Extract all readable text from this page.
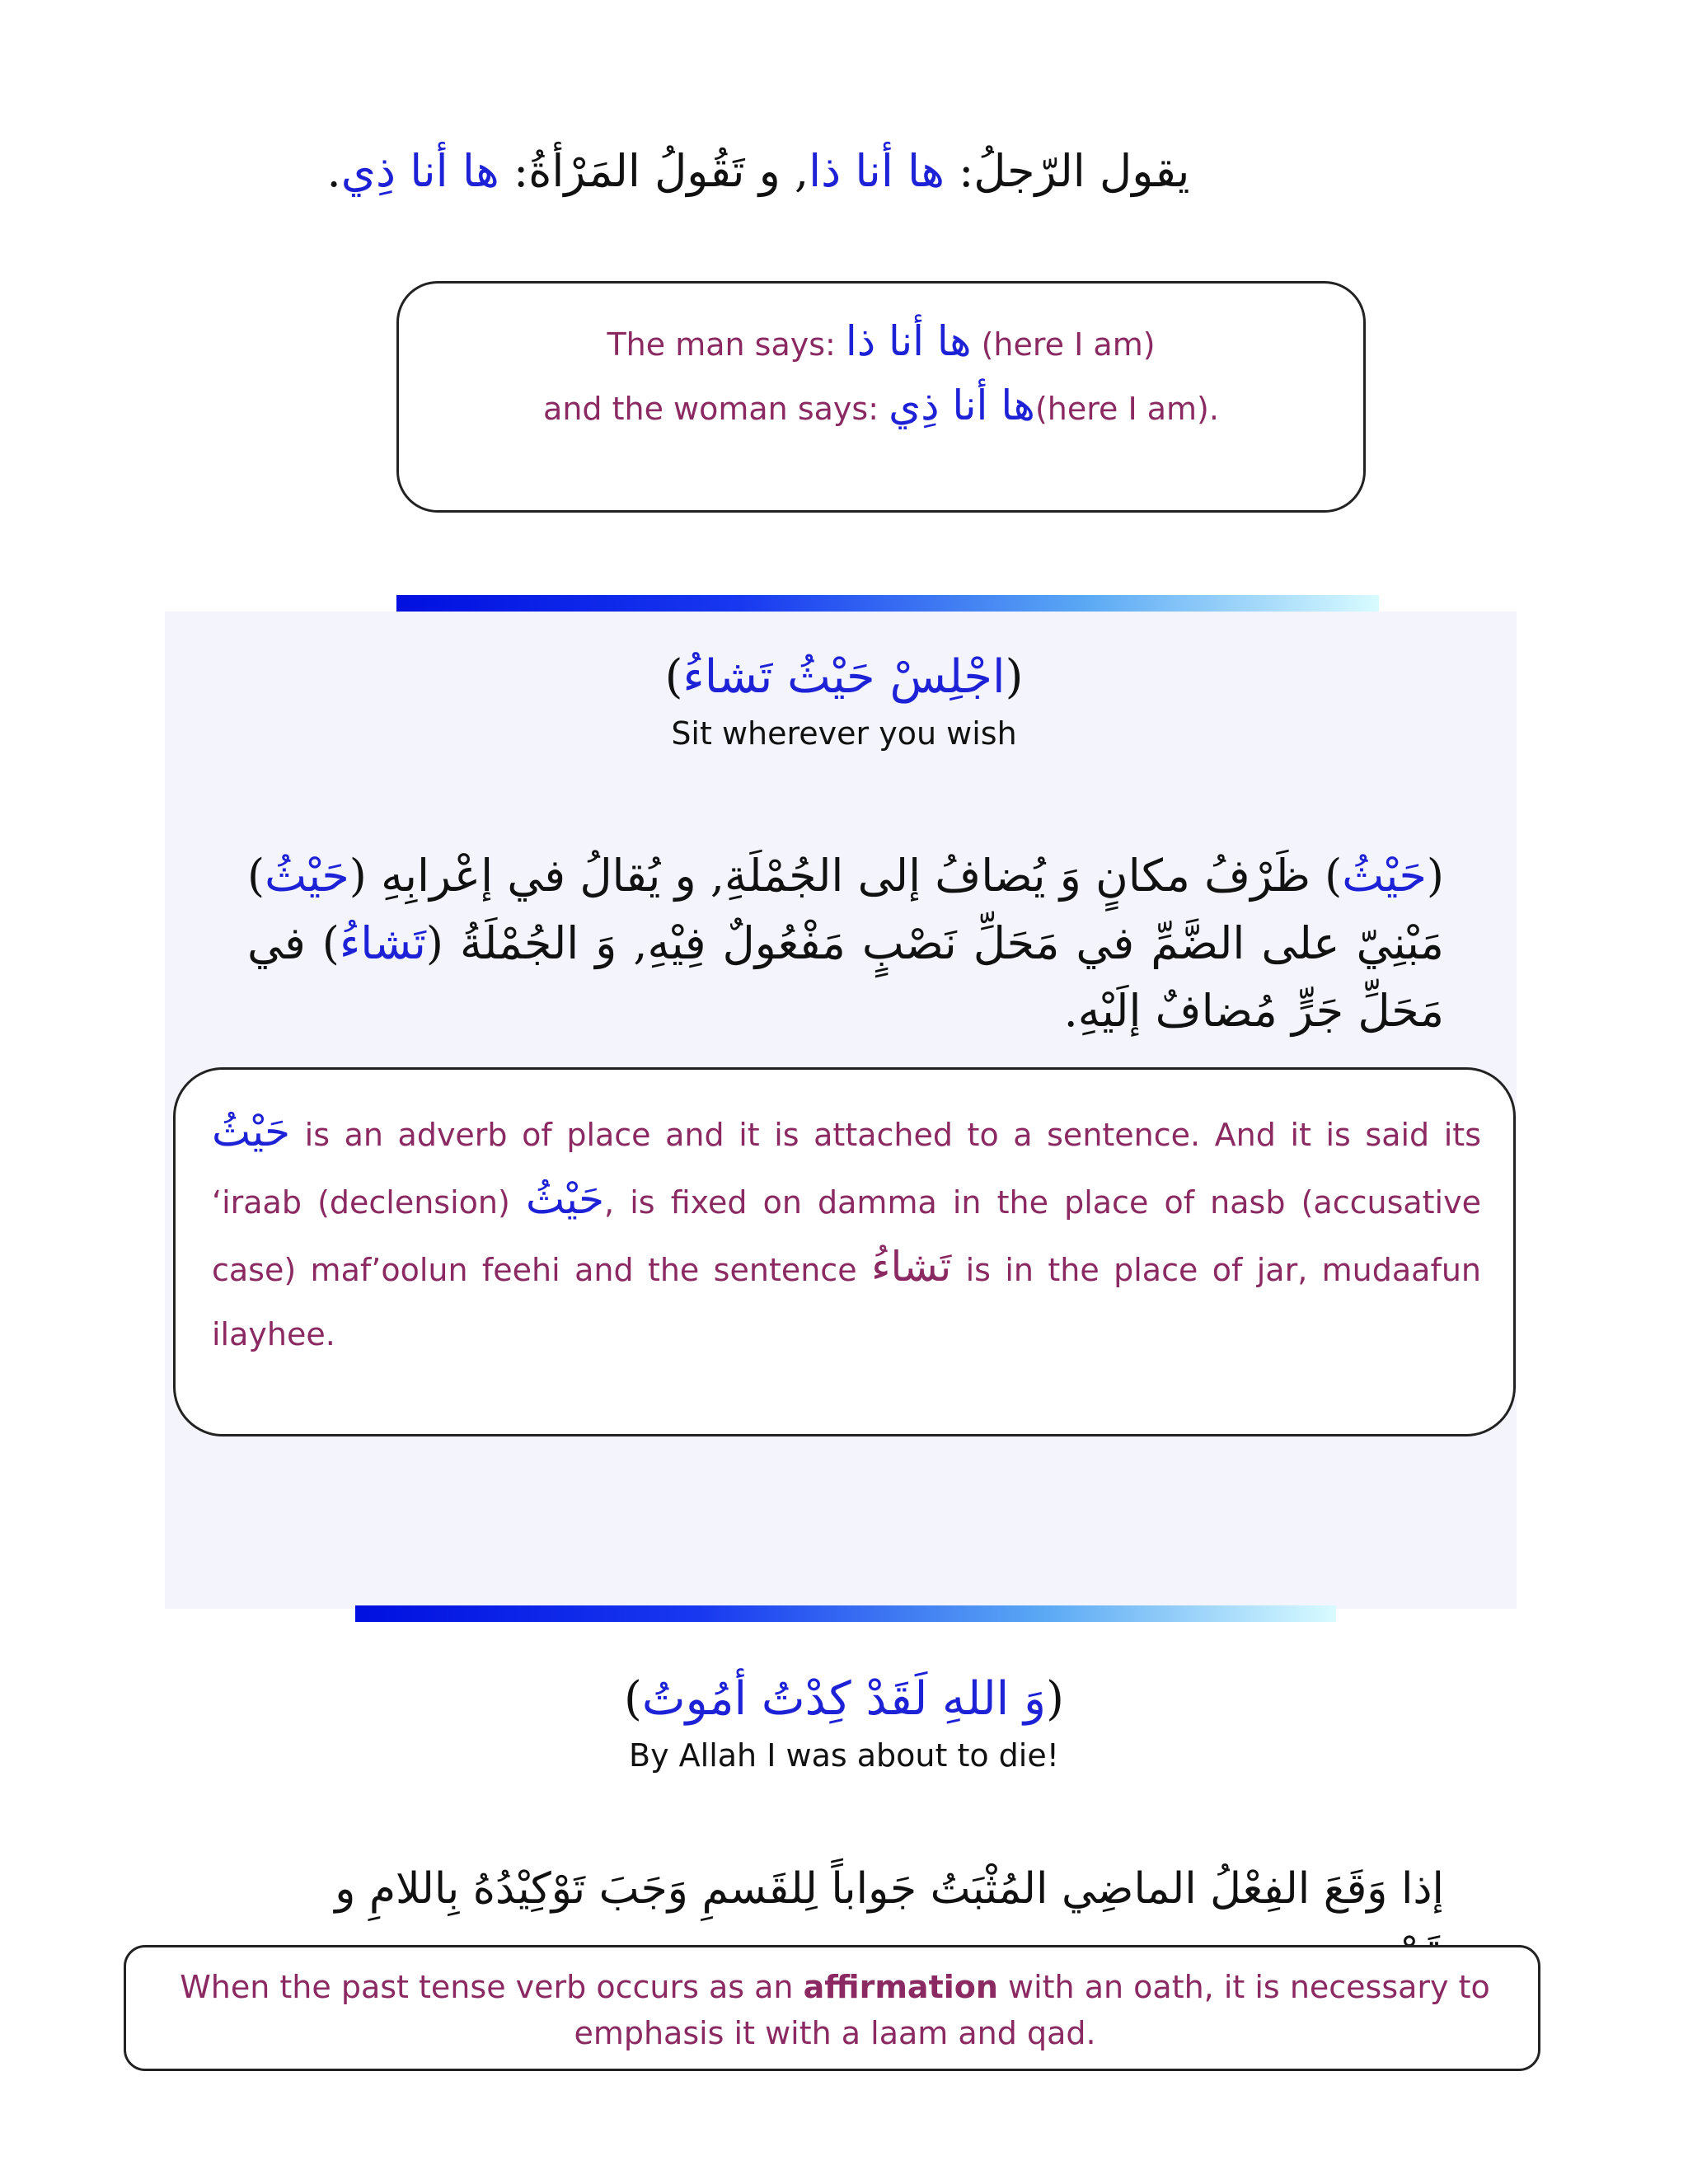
يقول الرّجلُ: ها أنا ذا, و تَقُولُ المَرْأةُ: ها أنا ذِي.
The man says: ها أنا ذا (here I am)
and the woman says: ها أنا ذِي(here I am).
(اجْلِسْ حَيْثُ تَشاءُ)
Sit wherever you wish
(حَيْثُ) ظَرْفُ مكانٍ وَ يُضافُ إلى الجُمْلَةِ, و يُقالُ في إعْرابِهِ (حَيْثُ) مَبْنِيّ على الضَّمِّ في مَحَلِّ نَصْبٍ مَفْعُولٌ فِيْهِ, وَ الجُمْلَةُ (تَشاءُ) في مَحَلِّ جَرٍّ مُضافٌ إلَيْهِ.
حَيْثُ is an adverb of place and it is attached to a sentence. And it is said its ‘iraab (declension) حَيْثُ, is fixed on damma in the place of nasb (accusative case) maf’oolun feehi and the sentence تَشاءُ is in the place of jar, mudaafun ilayhee.
(وَ اللهِ لَقَدْ كِدْتُ أمُوتُ)
By Allah I was about to die!
إذا وَقَعَ الفِعْلُ الماضِي المُثْبَتُ جَواباً لِلقَسمِ وَجَبَ تَوْكِيْدُهُ بِاللامِ و
When the past tense verb occurs as an affirmation with an oath, it is necessary to emphasis it with a laam and qad.
